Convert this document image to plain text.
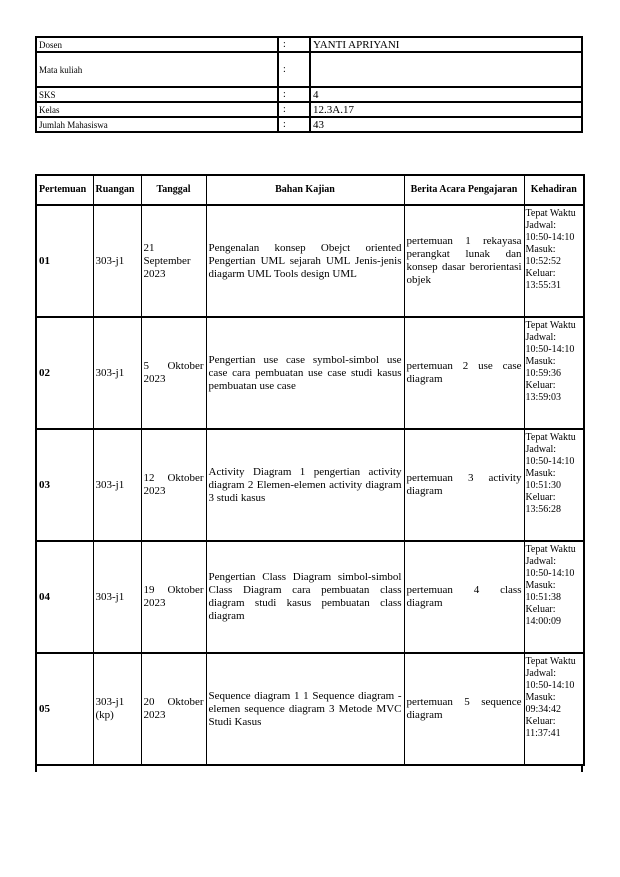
Dosen	:	YANTI APRIYANI
Mata kuliah	:	
SKS	:	4
Kelas	:	12.3A.17
Jumlah Mahasiswa	:	43
Pertemuan	Ruangan	Tanggal	Bahan Kajian	Berita Acara Pengajaran	Kehadiran
01	303-j1	21 September 2023	Pengenalan konsep Obejct oriented Pengertian UML sejarah UML Jenis-jenis diagarm UML Tools design UML	pertemuan 1 rekayasa perangkat lunak dan konsep dasar berorientasi objek	Tepat Waktu Jadwal: 10:50-14:10 Masuk: 10:52:52 Keluar: 13:55:31
02	303-j1	5 Oktober 2023	Pengertian use case symbol-simbol use case cara pembuatan use case studi kasus pembuatan use case	pertemuan 2 use case diagram	Tepat Waktu Jadwal: 10:50-14:10 Masuk: 10:59:36 Keluar: 13:59:03
03	303-j1	12 Oktober 2023	Activity Diagram 1 pengertian activity diagram 2 Elemen-elemen activity diagram 3 studi kasus	pertemuan 3 activity diagram	Tepat Waktu Jadwal: 10:50-14:10 Masuk: 10:51:30 Keluar: 13:56:28
04	303-j1	19 Oktober 2023	Pengertian Class Diagram simbol-simbol Class Diagram cara pembuatan class diagram studi kasus pembuatan class diagram	pertemuan 4 class diagram	Tepat Waktu Jadwal: 10:50-14:10 Masuk: 10:51:38 Keluar: 14:00:09
05	303-j1 (kp)	20 Oktober 2023	Sequence diagram 1 1 Sequence diagram -elemen sequence diagram 3 Metode MVC Studi Kasus	pertemuan 5 sequence diagram	Tepat Waktu Jadwal: 10:50-14:10 Masuk: 09:34:42 Keluar: 11:37:41
